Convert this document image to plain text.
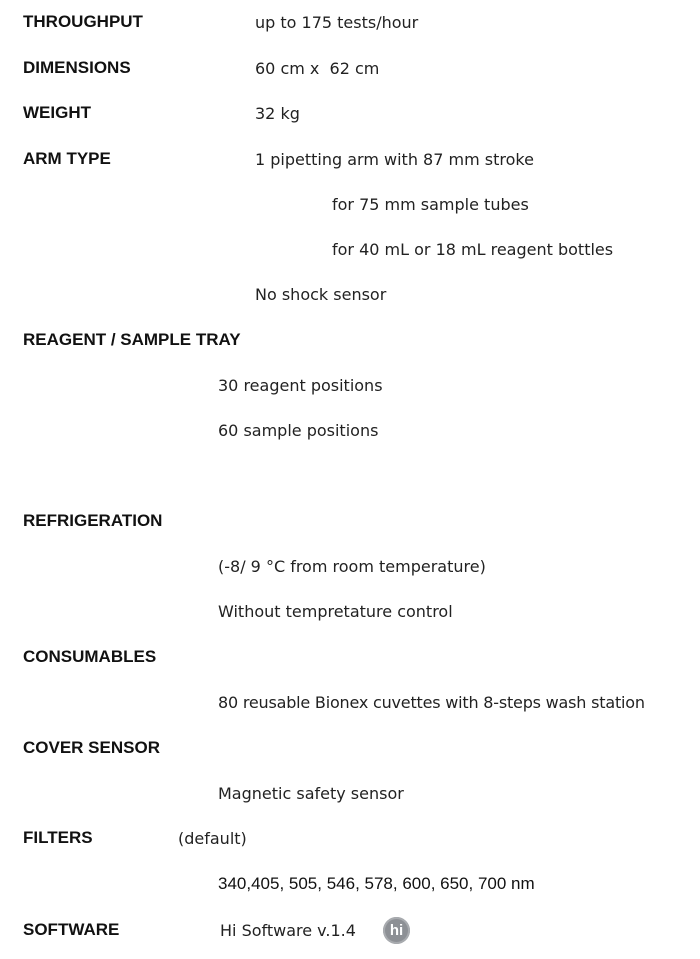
THROUGHPUT	up to 175 tests/hour
DIMENSIONS	60 cm x  62 cm
WEIGHT	32 kg
ARM TYPE	1 pipetting arm with 87 mm stroke
for 75 mm sample tubes
for 40 mL or 18 mL reagent bottles
No shock sensor
REAGENT / SAMPLE TRAY
30 reagent positions
60 sample positions
REFRIGERATION
(-8/ 9 °C from room temperature)
Without tempretature control
CONSUMABLES
80 reusable Bionex cuvettes with 8-steps wash station
COVER SENSOR
Magnetic safety sensor
FILTERS	(default)
340,405, 505, 546, 578, 600, 650, 700 nm
SOFTWARE	Hi Software v.1.4 hi
